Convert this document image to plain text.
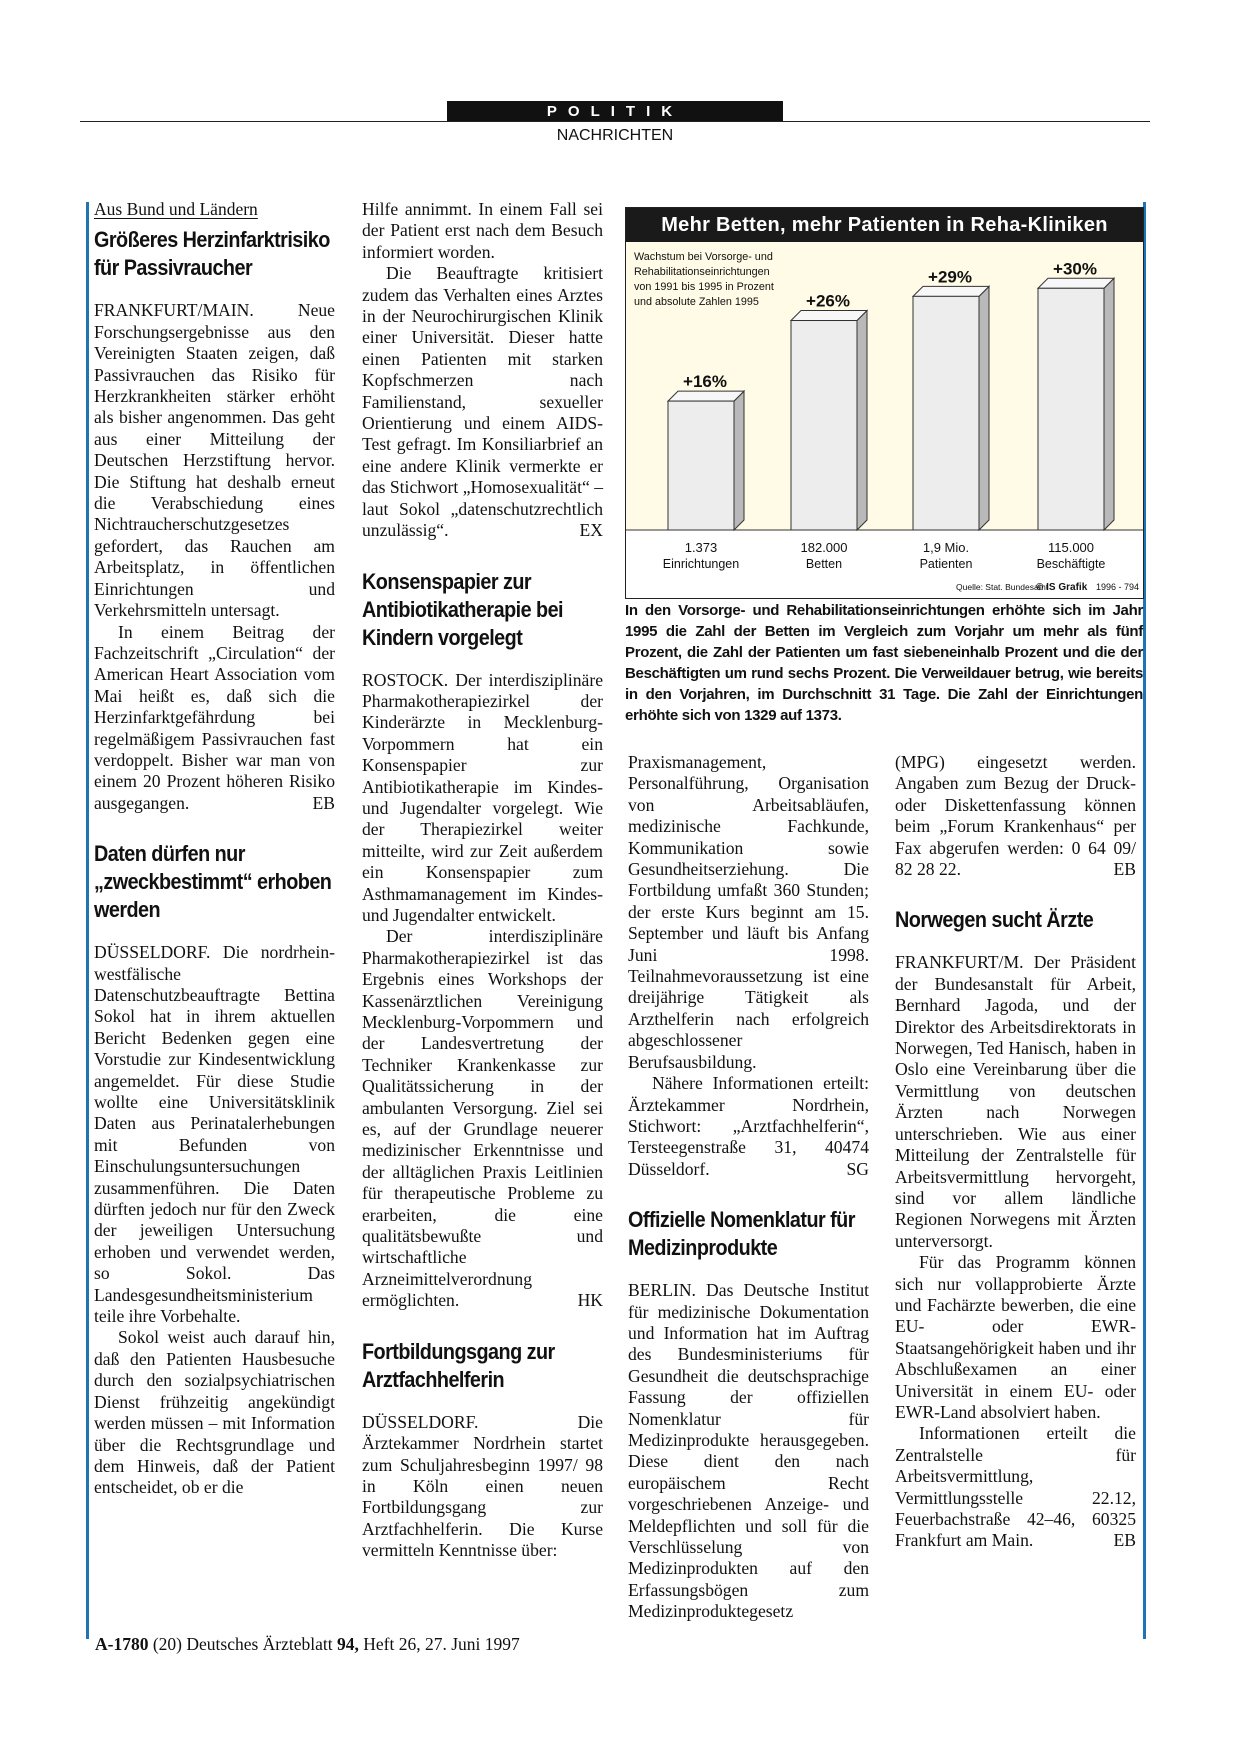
POLITIK
NACHRICHTEN
Aus Bund und Ländern
Größeres Herzinfarktrisiko für Passivraucher

FRANKFURT/MAIN. Neue Forschungsergebnisse aus den Vereinigten Staaten zeigen, daß Passivrauchen das Risiko für Herzkrankheiten stärker erhöht als bisher angenommen. Das geht aus einer Mitteilung der Deutschen Herzstiftung hervor. Die Stiftung hat deshalb erneut die Verabschiedung eines Nichtraucherschutzgesetzes gefordert, das Rauchen am Arbeitsplatz, in öffentlichen Einrichtungen und Verkehrsmitteln untersagt.

In einem Beitrag der Fachzeitschrift „Circulation“ der American Heart Association vom Mai heißt es, daß sich die Herzinfarktgefährdung bei regelmäßigem Passivrauchen fast verdoppelt. Bisher war man von einem 20 Prozent höheren Risiko ausgegangen.	EB

Daten dürfen nur „zweckbestimmt“ erhoben werden

DÜSSELDORF. Die nordrhein-westfälische Datenschutzbeauftragte Bettina Sokol hat in ihrem aktuellen Bericht Bedenken gegen eine Vorstudie zur Kindesentwicklung angemeldet. Für diese Studie wollte eine Universitätsklinik Daten aus Perinatalerhebungen mit Befunden von Einschulungsuntersuchungen zusammenführen. Die Daten dürften jedoch nur für den Zweck der jeweiligen Untersuchung erhoben und verwendet werden, so Sokol. Das Landesgesundheitsministerium teile ihre Vorbehalte.

Sokol weist auch darauf hin, daß den Patienten Hausbesuche durch den sozialpsychiatrischen Dienst frühzeitig angekündigt werden müssen – mit Information über die Rechtsgrundlage und dem Hinweis, daß der Patient entscheidet, ob er die

Hilfe annimmt. In einem Fall sei der Patient erst nach dem Besuch informiert worden.

Die Beauftragte kritisiert zudem das Verhalten eines Arztes in der Neurochirurgischen Klinik einer Universität. Dieser hatte einen Patienten mit starken Kopfschmerzen nach Familienstand, sexueller Orientierung und einem AIDS-Test gefragt. Im Konsiliarbrief an eine andere Klinik vermerkte er das Stichwort „Homosexualität“ – laut Sokol „datenschutzrechtlich unzulässig“.	EX

Konsenspapier zur Antibiotikatherapie bei Kindern vorgelegt

ROSTOCK. Der interdisziplinäre Pharmakotherapiezirkel der Kinderärzte in Mecklenburg-Vorpommern hat ein Konsenspapier zur Antibiotikatherapie im Kindes- und Jugendalter vorgelegt. Wie der Therapiezirkel weiter mitteilte, wird zur Zeit außerdem ein Konsenspapier zum Asthmamanagement im Kindes- und Jugendalter entwickelt.

Der interdisziplinäre Pharmakotherapiezirkel ist das Ergebnis eines Workshops der Kassenärztlichen Vereinigung Mecklenburg-Vorpommern und der Landesvertretung der Techniker Krankenkasse zur Qualitätssicherung in der ambulanten Versorgung. Ziel sei es, auf der Grundlage neuerer medizinischer Erkenntnisse und der alltäglichen Praxis Leitlinien für therapeutische Probleme zu erarbeiten, die eine qualitätsbewußte und wirtschaftliche Arzneimittelverordnung ermöglichten.	HK

Fortbildungsgang zur Arztfachhelferin

DÜSSELDORF. Die Ärztekammer Nordrhein startet zum Schuljahresbeginn 1997/ 98 in Köln einen neuen Fortbildungsgang zur Arztfachhelferin. Die Kurse vermitteln Kenntnisse über:

Mehr Betten, mehr Patienten in Reha-Kliniken
Wachstum bei Vorsorge- und Rehabilitationseinrichtungen
von 1991 bis 1995 in Prozent
und absolute Zahlen 1995
+16%
1.373
Einrichtungen
+26%
182.000
Betten
+29%
1,9 Mio.
Patienten
+30%
115.000
Beschäftigte
Quelle: Stat. Bundesamt
© IS Grafik 1996 - 794
In den Vorsorge- und Rehabilitationseinrichtungen erhöhte sich im Jahr 1995 die Zahl der Betten im Vergleich zum Vorjahr um mehr als fünf Prozent, die Zahl der Patienten um fast siebeneinhalb Prozent und die der Beschäftigten um rund sechs Prozent. Die Verweildauer betrug, wie bereits in den Vorjahren, im Durchschnitt 31 Tage. Die Zahl der Einrichtungen erhöhte sich von 1329 auf 1373.

Praxismanagement, Personalführung, Organisation von Arbeitsabläufen, medizinische Fachkunde, Kommunikation sowie Gesundheitserziehung. Die Fortbildung umfaßt 360 Stunden; der erste Kurs beginnt am 15. September und läuft bis Anfang Juni 1998. Teilnahmevoraussetzung ist eine dreijährige Tätigkeit als Arzthelferin nach erfolgreich abgeschlossener Berufsausbildung.

Nähere Informationen erteilt: Ärztekammer Nordrhein, Stichwort: „Arztfachhelferin“, Tersteegenstraße 31, 40474 Düsseldorf.	SG

Offizielle Nomenklatur für Medizinprodukte

BERLIN. Das Deutsche Institut für medizinische Dokumentation und Information hat im Auftrag des Bundesministeriums für Gesundheit die deutschsprachige Fassung der offiziellen Nomenklatur für Medizinprodukte herausgegeben. Diese dient den nach europäischem Recht vorgeschriebenen Anzeige- und Meldepflichten und soll für die Verschlüsselung von Medizinprodukten auf den Erfassungsbögen zum Medizinproduktegesetz

(MPG) eingesetzt werden. Angaben zum Bezug der Druck- oder Diskettenfassung können beim „Forum Krankenhaus“ per Fax abgerufen werden: 0 64 09/ 82 28 22.	EB

Norwegen sucht Ärzte

FRANKFURT/M. Der Präsident der Bundesanstalt für Arbeit, Bernhard Jagoda, und der Direktor des Arbeitsdirektorats in Norwegen, Ted Hanisch, haben in Oslo eine Vereinbarung über die Vermittlung von deutschen Ärzten nach Norwegen unterschrieben. Wie aus einer Mitteilung der Zentralstelle für Arbeitsvermittlung hervorgeht, sind vor allem ländliche Regionen Norwegens mit Ärzten unterversorgt.

Für das Programm können sich nur vollapprobierte Ärzte und Fachärzte bewerben, die eine EU- oder EWR-Staatsangehörigkeit haben und ihr Abschlußexamen an einer Universität in einem EU- oder EWR-Land absolviert haben.

Informationen erteilt die Zentralstelle für Arbeitsvermittlung, Vermittlungsstelle 22.12, Feuerbachstraße 42–46, 60325 Frankfurt am Main.	EB

A-1780 (20) Deutsches Ärzteblatt 94, Heft 26, 27. Juni 1997
